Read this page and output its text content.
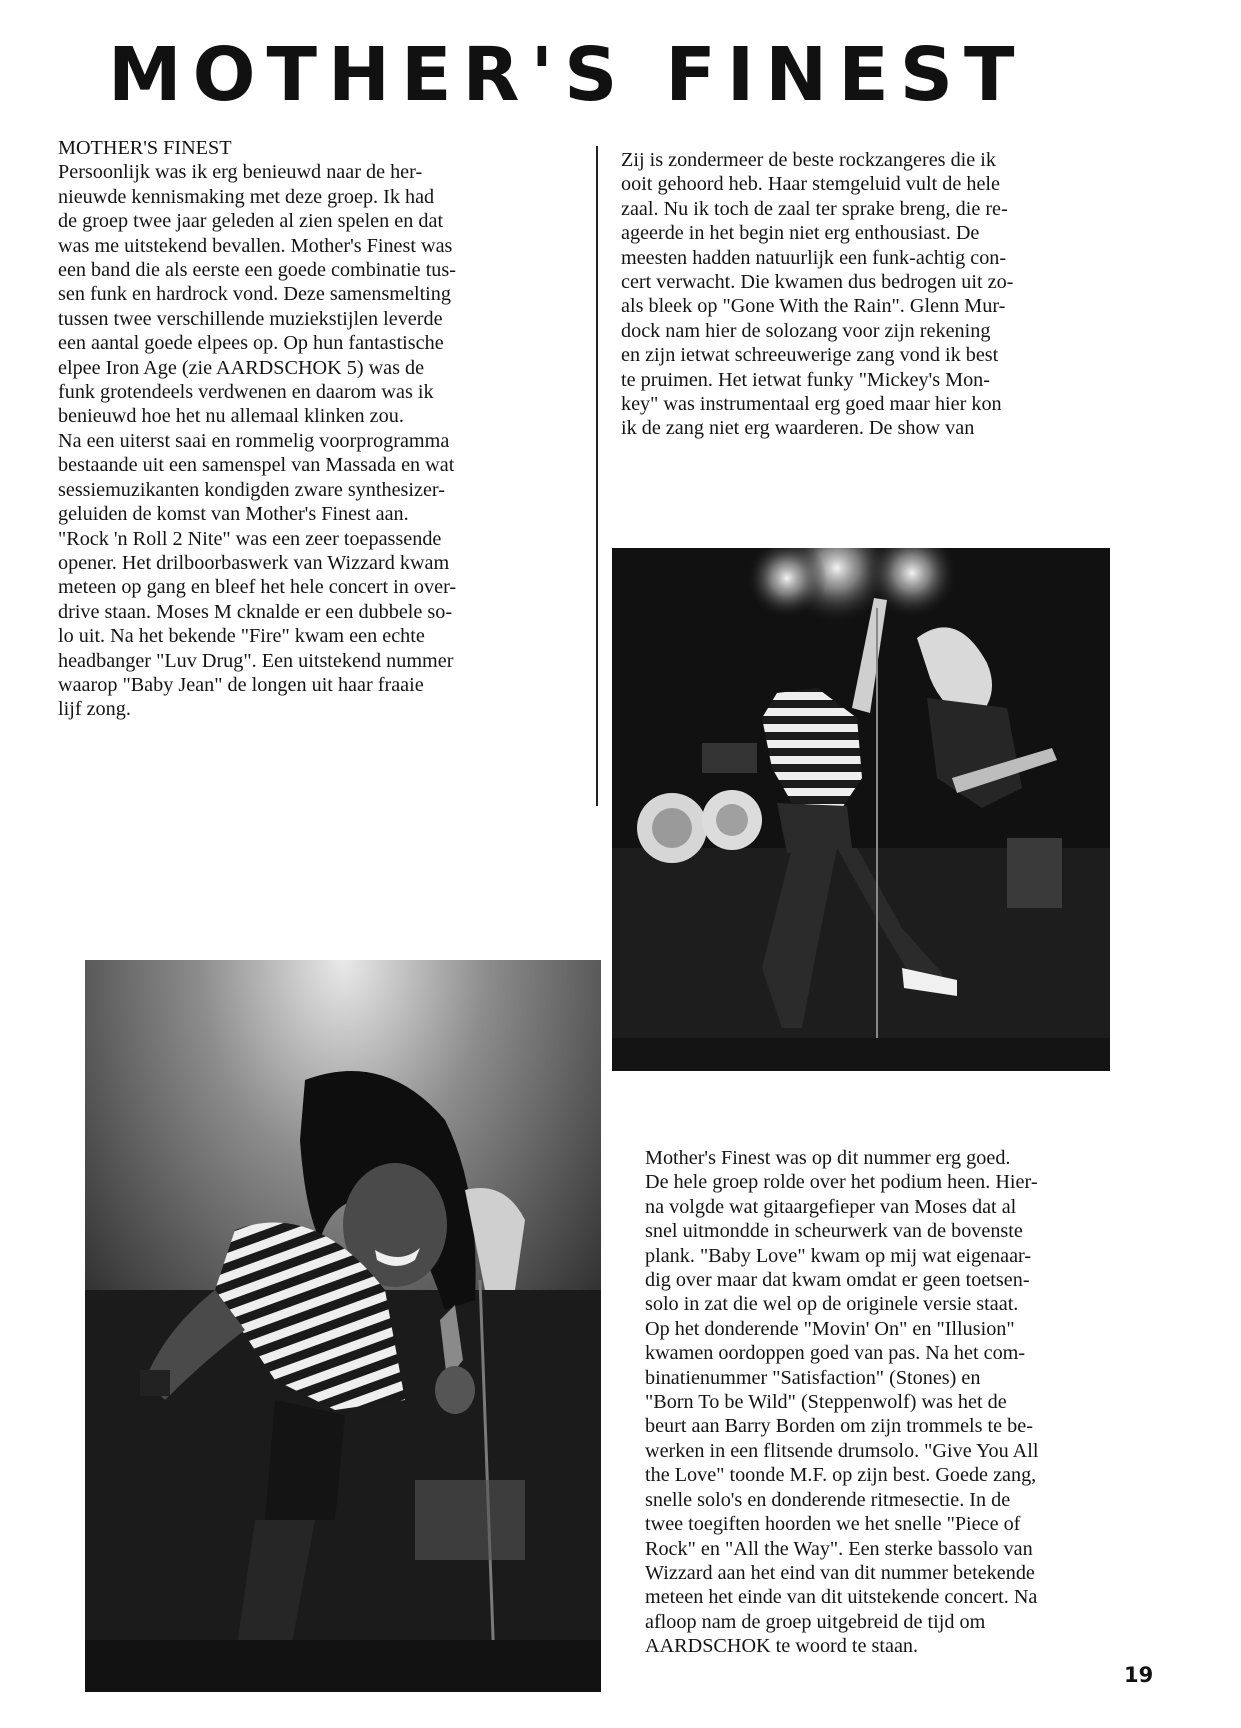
MOTHER'S FINEST
MOTHER'S FINEST
Persoonlijk was ik erg benieuwd naar de her-
nieuwde kennismaking met deze groep. Ik had
de groep twee jaar geleden al zien spelen en dat
was me uitstekend bevallen. Mother's Finest was
een band die als eerste een goede combinatie tus-
sen funk en hardrock vond. Deze samensmelting
tussen twee verschillende muziekstijlen leverde
een aantal goede elpees op. Op hun fantastische
elpee Iron Age (zie AARDSCHOK 5) was de
funk grotendeels verdwenen en daarom was ik
benieuwd hoe het nu allemaal klinken zou.
Na een uiterst saai en rommelig voorprogramma
bestaande uit een samenspel van Massada en wat
sessiemuzikanten kondigden zware synthesizer-
geluiden de komst van Mother's Finest aan.
"Rock 'n Roll 2 Nite" was een zeer toepassende
opener. Het drilboorbaswerk van Wizzard kwam
meteen op gang en bleef het hele concert in over-
drive staan. Moses M cknalde er een dubbele so-
lo uit. Na het bekende "Fire" kwam een echte
headbanger "Luv Drug". Een uitstekend nummer
waarop "Baby Jean" de longen uit haar fraaie
lijf zong.
Zij is zondermeer de beste rockzangeres die ik
ooit gehoord heb. Haar stemgeluid vult de hele
zaal. Nu ik toch de zaal ter sprake breng, die re-
ageerde in het begin niet erg enthousiast. De
meesten hadden natuurlijk een funk-achtig con-
cert verwacht. Die kwamen dus bedrogen uit zo-
als bleek op "Gone With the Rain". Glenn Mur-
dock nam hier de solozang voor zijn rekening
en zijn ietwat schreeuwerige zang vond ik best
te pruimen. Het ietwat funky "Mickey's Mon-
key" was instrumentaal erg goed maar hier kon
ik de zang niet erg waarderen. De show van
Mother's Finest was op dit nummer erg goed.
De hele groep rolde over het podium heen. Hier-
na volgde wat gitaargefieper van Moses dat al
snel uitmondde in scheurwerk van de bovenste
plank. "Baby Love" kwam op mij wat eigenaar-
dig over maar dat kwam omdat er geen toetsen-
solo in zat die wel op de originele versie staat.
Op het donderende "Movin' On" en "Illusion"
kwamen oordoppen goed van pas. Na het com-
binatienummer "Satisfaction" (Stones) en
"Born To be Wild" (Steppenwolf) was het de
beurt aan Barry Borden om zijn trommels te be-
werken in een flitsende drumsolo. "Give You All
the Love" toonde M.F. op zijn best. Goede zang,
snelle solo's en donderende ritmesectie. In de
twee toegiften hoorden we het snelle "Piece of
Rock" en "All the Way". Een sterke bassolo van
Wizzard aan het eind van dit nummer betekende
meteen het einde van dit uitstekende concert. Na
afloop nam de groep uitgebreid de tijd om
AARDSCHOK te woord te staan.

19
